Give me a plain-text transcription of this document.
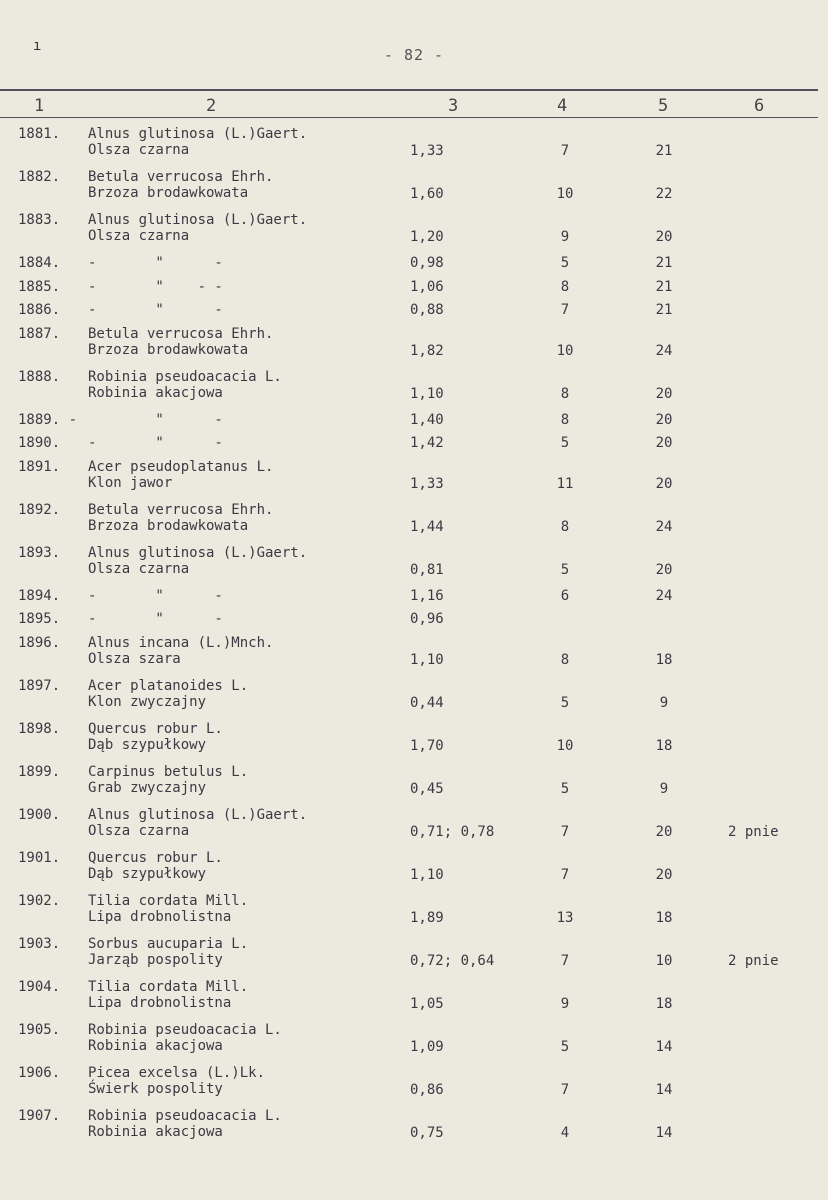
ı	- 82 -
1	2	3	4	5	6
1881. Alnus glutinosa (L.)Gaert.
Olsza czarna	1,33	7	21
1882. Betula verrucosa Ehrh.
Brzoza brodawkowata	1,60	10	22
1883. Alnus glutinosa (L.)Gaert.
Olsza czarna	1,20	9	20
1884. -       "      -	0,98	5	21
1885. -       "    - -	1,06	8	21
1886. -       "      -	0,88	7	21
1887. Betula verrucosa Ehrh.
Brzoza brodawkowata	1,82	10	24
1888. Robinia pseudoacacia L.
Robinia akacjowa	1,10	8	20
1889. - "      -	1,40	8	20
1890. -       "      -	1,42	5	20
1891. Acer pseudoplatanus L.
Klon jawor	1,33	11	20
1892. Betula verrucosa Ehrh.
Brzoza brodawkowata	1,44	8	24
1893. Alnus glutinosa (L.)Gaert.
Olsza czarna	0,81	5	20
1894. -       "      -	1,16	6	24
1895. -       "      -	0,96
1896. Alnus incana (L.)Mnch.
Olsza szara	1,10	8	18
1897. Acer platanoides L.
Klon zwyczajny	0,44	5	9
1898. Quercus robur L.
Dąb szypułkowy	1,70	10	18
1899. Carpinus betulus L.
Grab zwyczajny	0,45	5	9
1900. Alnus glutinosa (L.)Gaert.
Olsza czarna	0,71; 0,78	7	20	2 pnie
1901. Quercus robur L.
Dąb szypułkowy	1,10	7	20
1902. Tilia cordata Mill.
Lipa drobnolistna	1,89	13	18
1903. Sorbus aucuparia L.
Jarząb pospolity	0,72; 0,64	7	10	2 pnie
1904. Tilia cordata Mill.
Lipa drobnolistna	1,05	9	18
1905. Robinia pseudoacacia L.
Robinia akacjowa	1,09	5	14
1906. Picea excelsa (L.)Lk.
Świerk pospolity	0,86	7	14
1907. Robinia pseudoacacia L.
Robinia akacjowa	0,75	4	14
